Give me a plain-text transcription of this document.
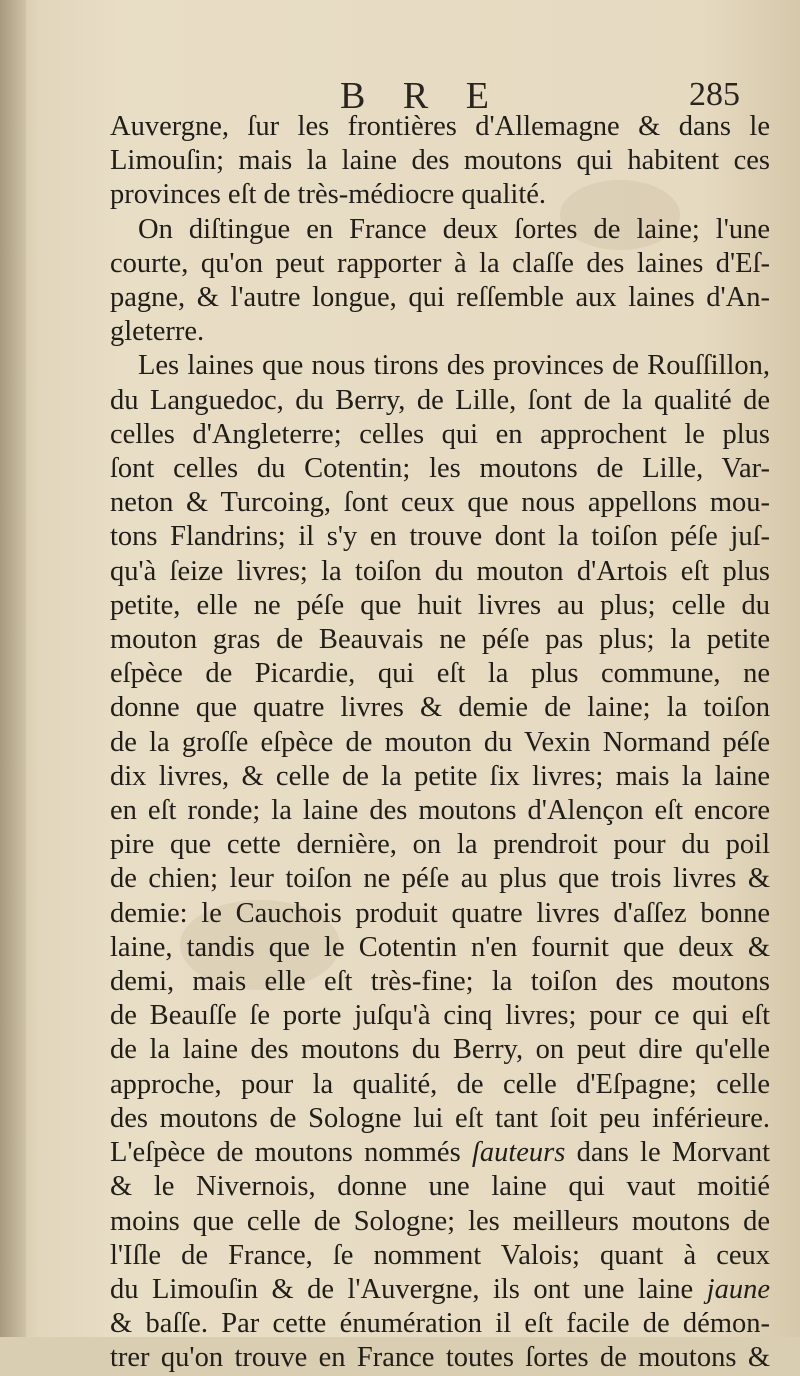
B R E	285
Auvergne, ſur les frontières d'Allemagne & dans le
Limouſin; mais la laine des moutons qui habitent ces
provinces eſt de très-médiocre qualité.
On diſtingue en France deux ſortes de laine; l'une
courte, qu'on peut rapporter à la claſſe des laines d'Eſ-
pagne, & l'autre longue, qui reſſemble aux laines d'An-
gleterre.
Les laines que nous tirons des provinces de Rouſſillon,
du Languedoc, du Berry, de Lille, ſont de la qualité de
celles d'Angleterre; celles qui en approchent le plus
ſont celles du Cotentin; les moutons de Lille, Var-
neton & Turcoing, ſont ceux que nous appellons mou-
tons Flandrins; il s'y en trouve dont la toiſon péſe juſ-
qu'à ſeize livres; la toiſon du mouton d'Artois eſt plus
petite, elle ne péſe que huit livres au plus; celle du
mouton gras de Beauvais ne péſe pas plus; la petite
eſpèce de Picardie, qui eſt la plus commune, ne
donne que quatre livres & demie de laine; la toiſon
de la groſſe eſpèce de mouton du Vexin Normand péſe
dix livres, & celle de la petite ſix livres; mais la laine
en eſt ronde; la laine des moutons d'Alençon eſt encore
pire que cette dernière, on la prendroit pour du poil
de chien; leur toiſon ne péſe au plus que trois livres &
demie: le Cauchois produit quatre livres d'aſſez bonne
laine, tandis que le Cotentin n'en fournit que deux &
demi, mais elle eſt très-fine; la toiſon des moutons
de Beauſſe ſe porte juſqu'à cinq livres; pour ce qui eſt
de la laine des moutons du Berry, on peut dire qu'elle
approche, pour la qualité, de celle d'Eſpagne; celle
des moutons de Sologne lui eſt tant ſoit peu inférieure.
L'eſpèce de moutons nommés ſauteurs dans le Morvant
& le Nivernois, donne une laine qui vaut moitié
moins que celle de Sologne; les meilleurs moutons de
l'Iſle de France, ſe nomment Valois; quant à ceux
du Limouſin & de l'Auvergne, ils ont une laine jaune
& baſſe. Par cette énumération il eſt facile de démon-
trer qu'on trouve en France toutes ſortes de moutons &
